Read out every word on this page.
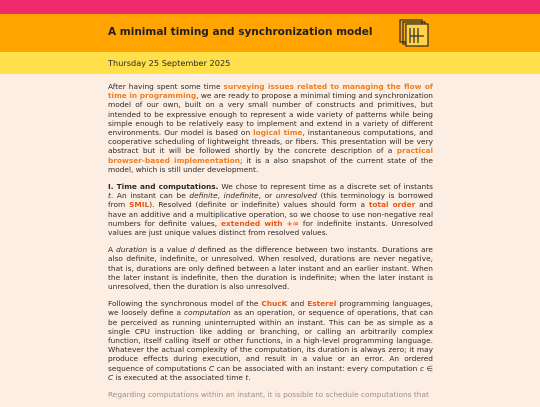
A minimal timing and synchronization model
Thursday 25 September 2025

After having spent some time surveying issues related to managing the flow of time in programming, we are ready to propose a minimal timing and synchronization model of our own, built on a very small number of constructs and primitives, but intended to be expressive enough to represent a wide variety of patterns while being simple enough to be relatively easy to implement and extend in a variety of different environments. Our model is based on logical time, instantaneous computations, and cooperative scheduling of lightweight threads, or fibers. This presentation will be very abstract but it will be followed shortly by the concrete description of a practical browser-based implementation; it is a also snapshot of the current state of the model, which is still under development.

I. Time and computations. We chose to represent time as a discrete set of instants t. An instant can be definite, indefinite, or unresolved (this terminology is borrowed from SMIL). Resolved (definite or indefinite) values should form a total order and have an additive and a multiplicative operation, so we choose to use non-negative real numbers for definite values, extended with +∞ for indefinite instants. Unresolved values are just unique values distinct from resolved values.

A duration is a value d defined as the difference between two instants. Durations are also definite, indefinite, or unresolved. When resolved, durations are never negative, that is, durations are only defined between a later instant and an earlier instant. When the later instant is indefinite, then the duration is indefinite; when the later instant is unresolved, then the duration is also unresolved.

Following the synchronous model of the ChucK and Esterel programming languages, we loosely define a computation as an operation, or sequence of operations, that can be perceived as running uninterrupted within an instant. This can be as simple as a single CPU instruction like adding or branching, or calling an arbitrarily complex function, itself calling itself or other functions, in a high-level programming language. Whatever the actual complexity of the computation, its duration is always zero; it may produce effects during execution, and result in a value or an error. An ordered sequence of computations C can be associated with an instant: every computation c ∈ C is executed at the associated time t.

Regarding computations within an instant, it is possible to schedule computations that
